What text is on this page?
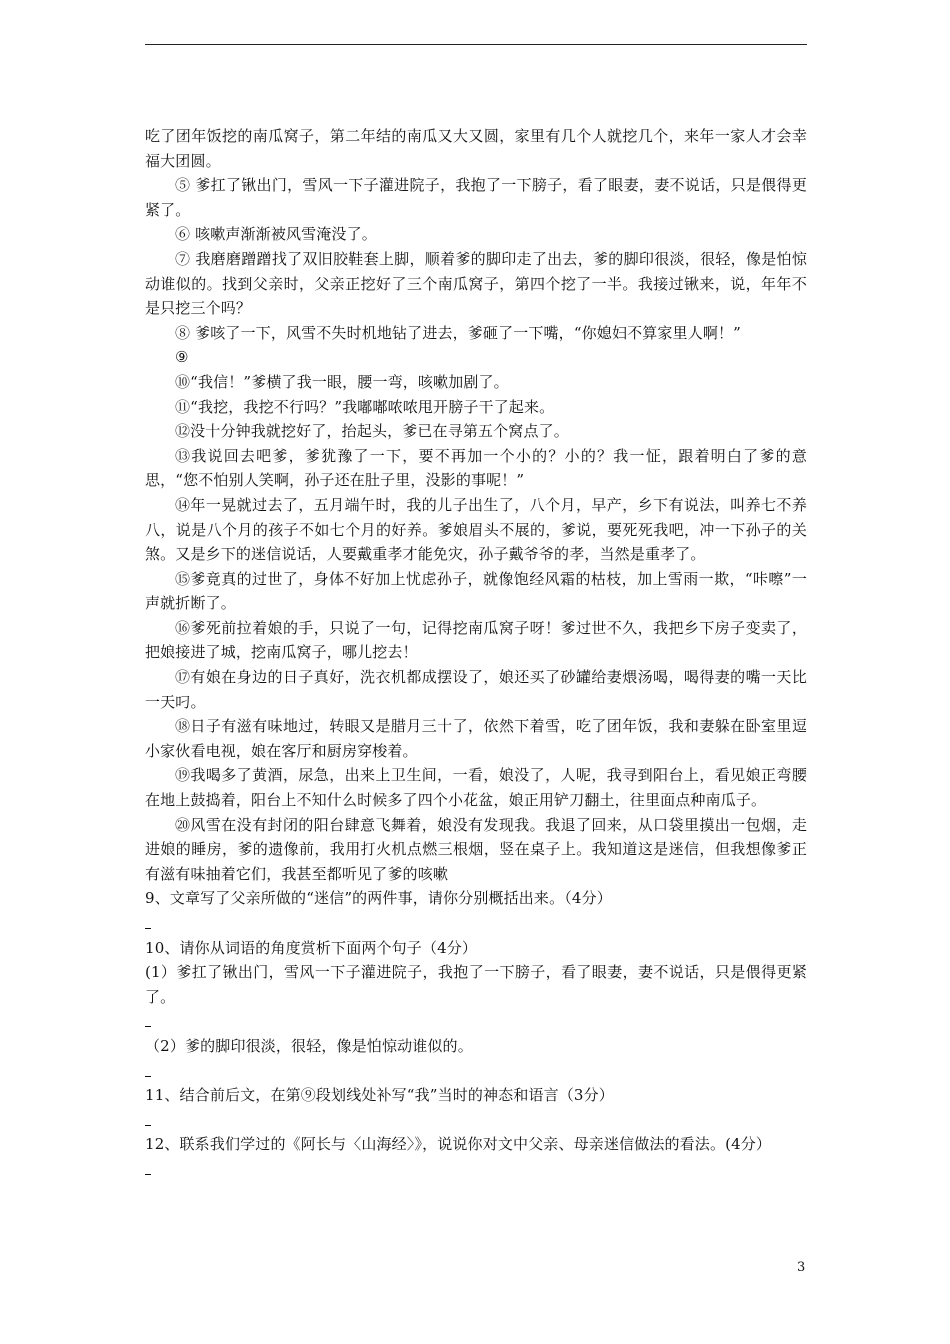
吃了团年饭挖的南瓜窝子，第二年结的南瓜又大又圆，家里有几个人就挖几个，来年一家人才会幸福大团圆。

⑤ 爹扛了锹出门，雪风一下子灌进院子，我抱了一下膀子，看了眼妻，妻不说话，只是偎得更紧了。

⑥ 咳嗽声渐渐被风雪淹没了。

⑦ 我磨磨蹭蹭找了双旧胶鞋套上脚，顺着爹的脚印走了出去，爹的脚印很淡，很轻，像是怕惊动谁似的。找到父亲时，父亲正挖好了三个南瓜窝子，第四个挖了一半。我接过锹来，说，年年不是只挖三个吗？

⑧ 爹咳了一下，风雪不失时机地钻了进去，爹砸了一下嘴，“你媳妇不算家里人啊！”

⑨

⑩“我信！”爹横了我一眼，腰一弯，咳嗽加剧了。

⑪“我挖，我挖不行吗？”我嘟嘟哝哝甩开膀子干了起来。

⑫没十分钟我就挖好了，抬起头，爹已在寻第五个窝点了。

⑬我说回去吧爹，爹犹豫了一下，要不再加一个小的？小的？我一怔，跟着明白了爹的意思，“您不怕别人笑啊，孙子还在肚子里，没影的事呢！”

⑭年一晃就过去了，五月端午时，我的儿子出生了，八个月，早产，乡下有说法，叫养七不养八，说是八个月的孩子不如七个月的好养。爹娘眉头不展的，爹说，要死死我吧，冲一下孙子的关煞。又是乡下的迷信说话，人要戴重孝才能免灾，孙子戴爷爷的孝，当然是重孝了。

⑮爹竟真的过世了，身体不好加上忧虑孙子，就像饱经风霜的枯枝，加上雪雨一欺，“咔嚓”一声就折断了。

⑯爹死前拉着娘的手，只说了一句，记得挖南瓜窝子呀！爹过世不久，我把乡下房子变卖了，把娘接进了城，挖南瓜窝子，哪儿挖去！

⑰有娘在身边的日子真好，洗衣机都成摆设了，娘还买了砂罐给妻煨汤喝，喝得妻的嘴一天比一天叼。

⑱日子有滋有味地过，转眼又是腊月三十了，依然下着雪，吃了团年饭，我和妻躲在卧室里逗小家伙看电视，娘在客厅和厨房穿梭着。

⑲我喝多了黄酒，尿急，出来上卫生间，一看，娘没了，人呢，我寻到阳台上，看见娘正弯腰在地上鼓捣着，阳台上不知什么时候多了四个小花盆，娘正用铲刀翻土，往里面点种南瓜子。

⑳风雪在没有封闭的阳台肆意飞舞着，娘没有发现我。我退了回来，从口袋里摸出一包烟，走进娘的睡房，爹的遗像前，我用打火机点燃三根烟，竖在桌子上。我知道这是迷信，但我想像爹正有滋有味抽着它们，我甚至都听见了爹的咳嗽

9、文章写了父亲所做的“迷信”的两件事，请你分别概括出来。（4分）

10、请你从词语的角度赏析下面两个句子（4分）

(1）爹扛了锹出门，雪风一下子灌进院子，我抱了一下膀子，看了眼妻，妻不说话，只是偎得更紧了。

（2）爹的脚印很淡，很轻，像是怕惊动谁似的。

11、结合前后文，在第⑨段划线处补写“我”当时的神态和语言（3分）

12、联系我们学过的《阿长与〈山海经〉》，说说你对文中父亲、母亲迷信做法的看法。(4分）

3
